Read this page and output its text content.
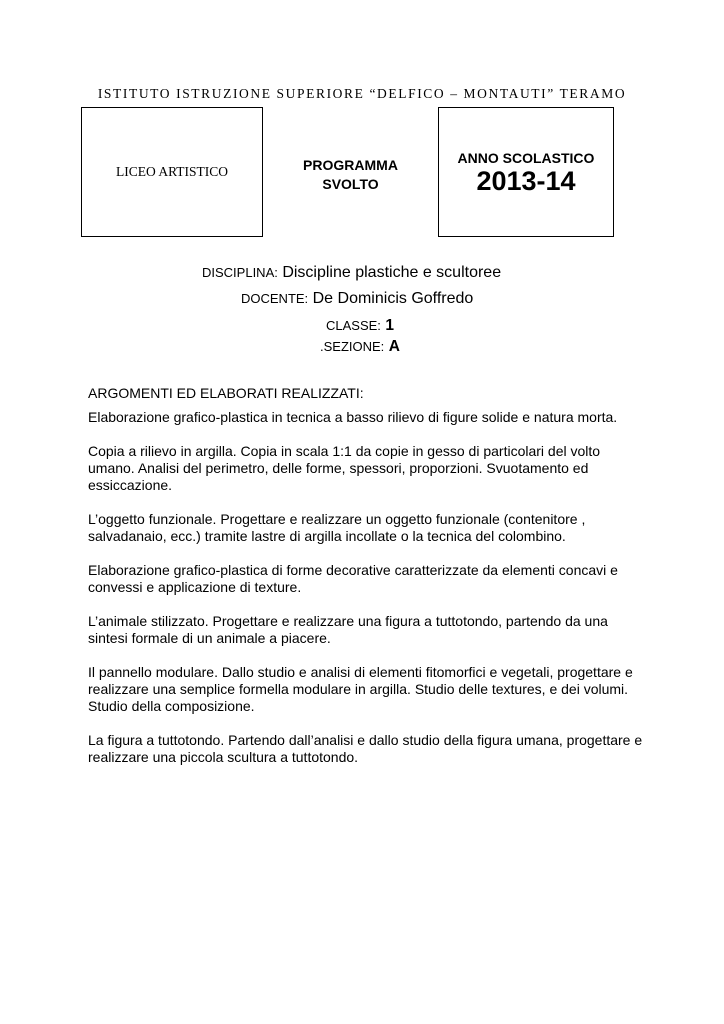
ISTITUTO ISTRUZIONE SUPERIORE “DELFICO – MONTAUTI” TERAMO
LICEO ARTISTICO	PROGRAMMA
SVOLTO
ANNO SCOLASTICO
2013-14
DISCIPLINA: Discipline plastiche e scultoree
DOCENTE: De Dominicis Goffredo
CLASSE: 1
.SEZIONE: A
ARGOMENTI ED ELABORATI REALIZZATI:

Elaborazione grafico-plastica in tecnica a basso rilievo di figure solide e natura morta.

Copia a rilievo in argilla. Copia in scala 1:1 da copie in gesso di particolari del volto umano. Analisi del perimetro, delle forme, spessori, proporzioni. Svuotamento ed essiccazione.

L’oggetto funzionale. Progettare e realizzare un oggetto funzionale (contenitore , salvadanaio, ecc.) tramite lastre di argilla incollate o la tecnica del colombino.

Elaborazione grafico-plastica di forme decorative caratterizzate da elementi concavi e convessi e applicazione di texture.

L’animale stilizzato. Progettare e realizzare una figura a tuttotondo, partendo da una sintesi formale di un animale a piacere.

Il pannello modulare. Dallo studio e analisi di elementi fitomorfici e vegetali, progettare e realizzare una semplice formella modulare in argilla. Studio delle textures, e dei volumi. Studio della composizione.

La figura a tuttotondo. Partendo dall’analisi e dallo studio della figura umana, progettare e realizzare una piccola scultura a tuttotondo.
